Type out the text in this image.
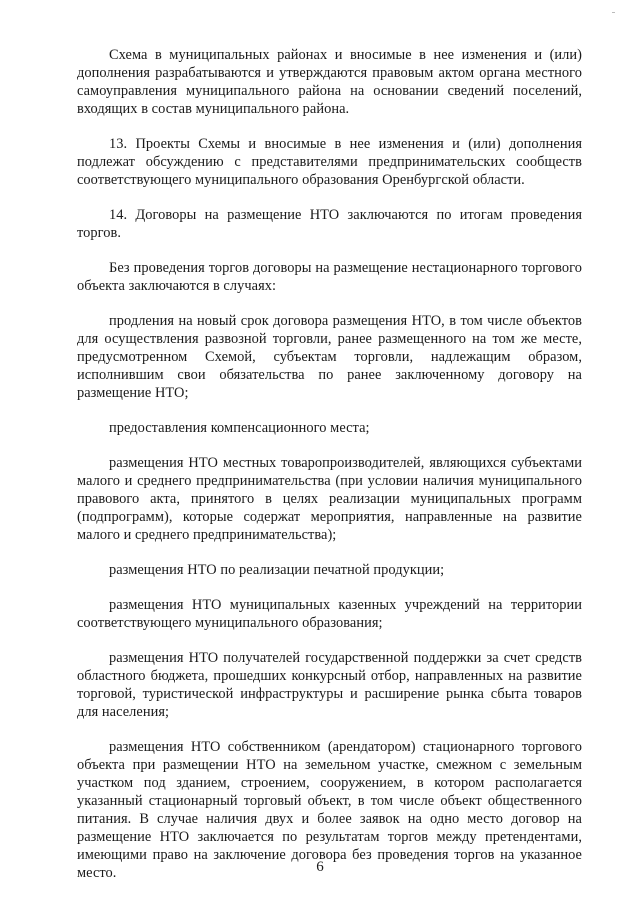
Схема в муниципальных районах и вносимые в нее изменения и (или) дополнения разрабатываются и утверждаются правовым актом органа местного самоуправления муниципального района на основании сведений поселений, входящих в состав муниципального района.

13. Проекты Схемы и вносимые в нее изменения и (или) дополнения подлежат обсуждению с представителями предпринимательских сообществ соответствующего муниципального образования Оренбургской области.

14. Договоры на размещение НТО заключаются по итогам проведения торгов.

Без проведения торгов договоры на размещение нестационарного торгового объекта заключаются в случаях:

продления на новый срок договора размещения НТО, в том числе объектов для осуществления развозной торговли, ранее размещенного на том же месте, предусмотренном Схемой, субъектам торговли, надлежащим образом, исполнившим свои обязательства по ранее заключенному договору на размещение НТО;

предоставления компенсационного места;

размещения НТО местных товаропроизводителей, являющихся субъектами малого и среднего предпринимательства (при условии наличия муниципального правового акта, принятого в целях реализации муниципальных программ (подпрограмм), которые содержат мероприятия, направленные на развитие малого и среднего предпринимательства);

размещения НТО по реализации печатной продукции;

размещения НТО муниципальных казенных учреждений на территории соответствующего муниципального образования;

размещения НТО получателей государственной поддержки за счет средств областного бюджета, прошедших конкурсный отбор, направленных на развитие торговой, туристической инфраструктуры и расширение рынка сбыта товаров для населения;

размещения НТО собственником (арендатором) стационарного торгового объекта при размещении НТО на земельном участке, смежном с земельным участком под зданием, строением, сооружением, в котором располагается указанный стационарный торговый объект, в том числе объект общественного питания. В случае наличия двух и более заявок на одно место договор на размещение НТО заключается по результатам торгов между претендентами, имеющими право на заключение договора без проведения торгов на указанное место.	6
